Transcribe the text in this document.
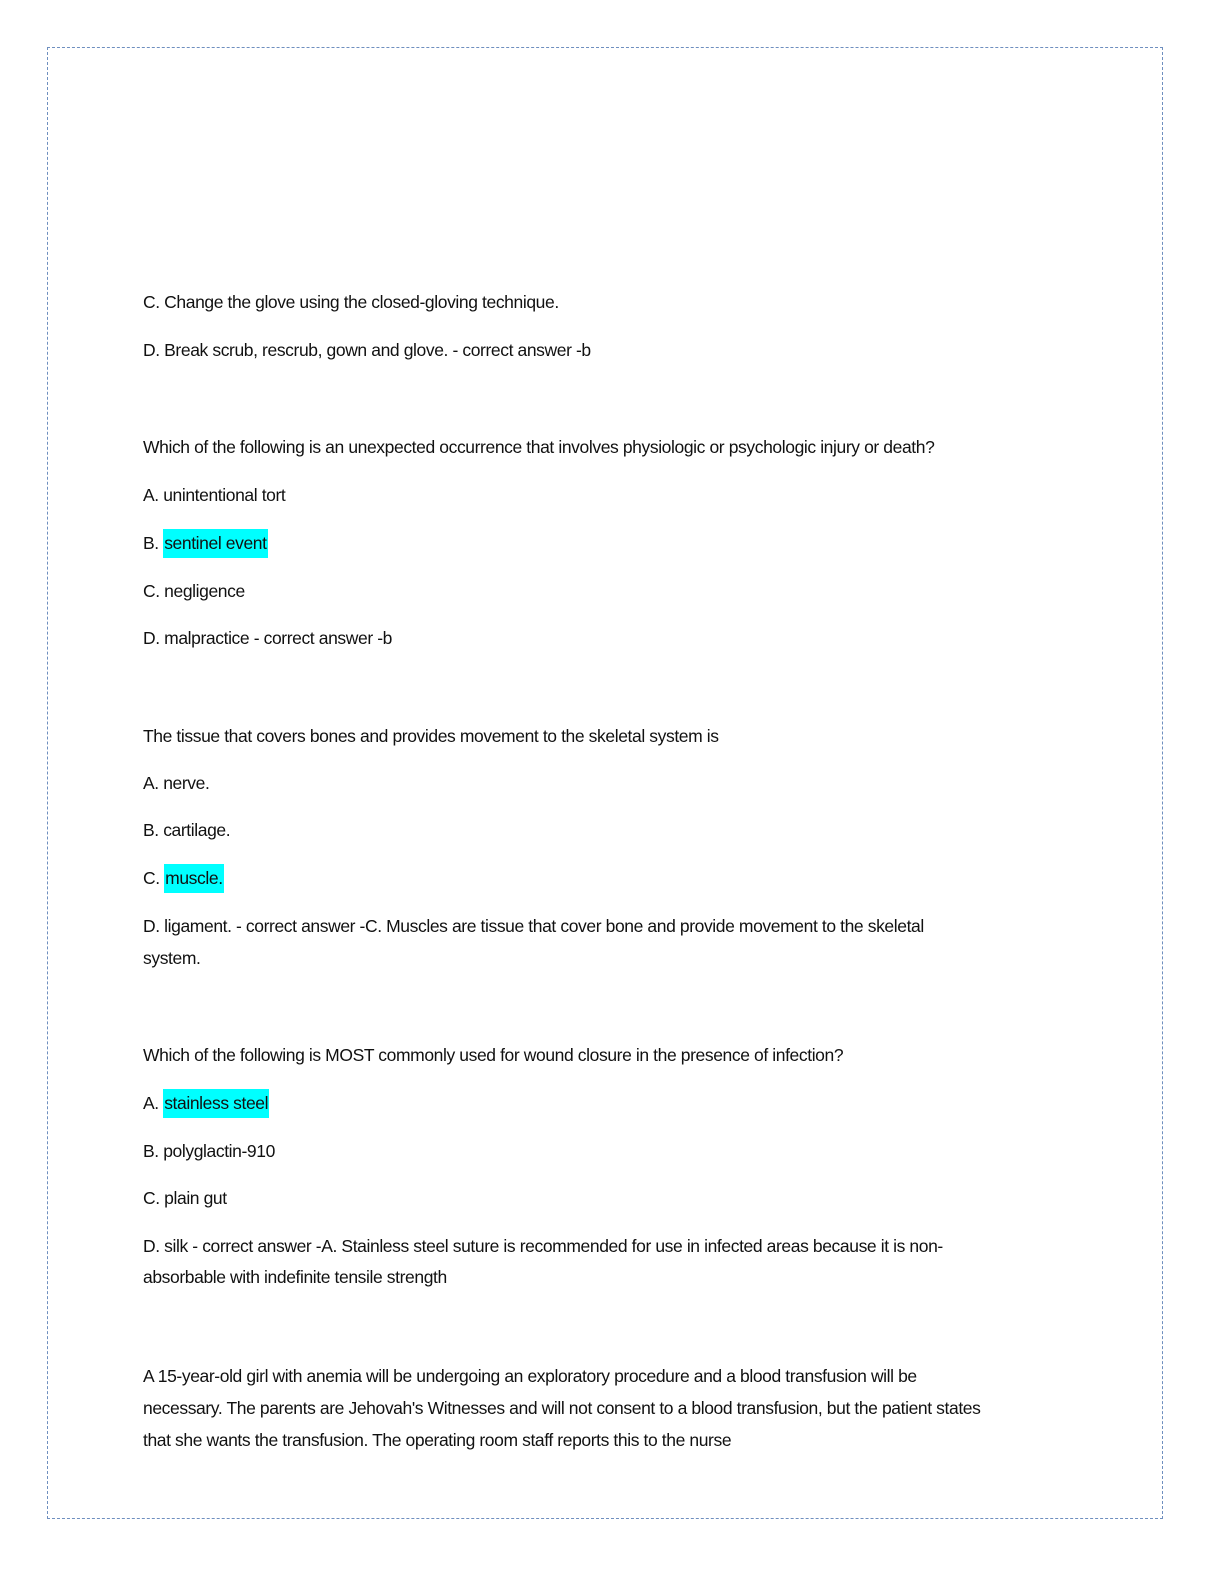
C. Change the glove using the closed-gloving technique.
D. Break scrub, rescrub, gown and glove. - correct answer -b
Which of the following is an unexpected occurrence that involves physiologic or psychologic injury or death?
A. unintentional tort
B. sentinel event
C. negligence
D. malpractice - correct answer -b
The tissue that covers bones and provides movement to the skeletal system is
A. nerve.
B. cartilage.
C. muscle.
D. ligament. - correct answer -C. Muscles are tissue that cover bone and provide movement to the skeletal
system.
Which of the following is MOST commonly used for wound closure in the presence of infection?
A. stainless steel
B. polyglactin-910
C. plain gut
D. silk - correct answer -A. Stainless steel suture is recommended for use in infected areas because it is non-
absorbable with indefinite tensile strength
A 15-year-old girl with anemia will be undergoing an exploratory procedure and a blood transfusion will be
necessary. The parents are Jehovah's Witnesses and will not consent to a blood transfusion, but the patient states
that she wants the transfusion. The operating room staff reports this to the nurse
